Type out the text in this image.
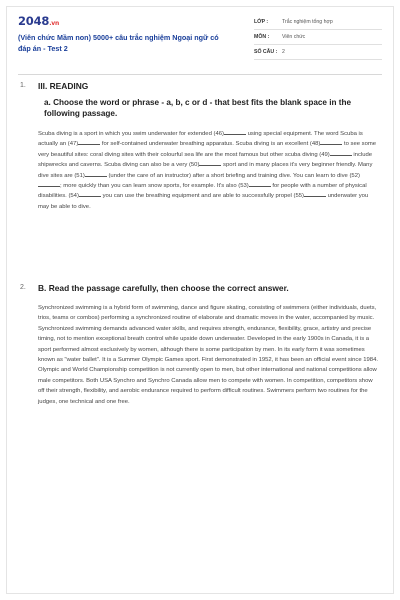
2048.vn
(Viên chức Mầm non) 5000+ câu trắc nghiệm Ngoại ngữ có đáp án - Test 2
LỚP :	Trắc nghiệm tổng hợp
MÔN :	Viên chức
SỐ CÂU : 2
1. III. READING
a. Choose the word or phrase - a, b, c or d - that best fits the blank space in the following passage.
Scuba diving is a sport in which you swim underwater for extended (46)	using special equipment. The word Scuba is actually an (47)	for self-contained underwater breathing apparatus. Scuba diving is an excellent (48)	to see some very beautiful sites: coral diving sites with their colourful sea life are the most famous but other scuba diving (49)	include shipwrecks and caverns. Scuba diving can also be a very (50)	sport and in many places it's very beginner friendly. Many dive sites are (51)	(under the care of an instructor) after a short briefing and training dive. You can learn to dive (52); more quickly than you can learn snow sports, for example. It's also (53)	for people with a number of physical disabilities. (54)	you can use the breathing equipment and are able to successfully propel (55)	underwater you may be able to dive.
2. B. Read the passage carefully, then choose the correct answer.
Synchronized swimming is a hybrid form of swimming, dance and figure skating, consisting of swimmers (either individuals, duets, trios, teams or combos) performing a synchronized routine of elaborate and dramatic moves in the water, accompanied by music. Synchronized swimming demands advanced water skills, and requires strength, endurance, flexibility, grace, artistry and precise timing, not to mention exceptional breath control while upside down underwater. Developed in the early 1900s in Canada, it is a sport performed almost exclusively by women, although there is some participation by men. In its early form it was sometimes known as "water ballet". It is a Summer Olympic Games sport. First demonstrated in 1952, it has been an official event since 1984. Olympic and World Championship competition is not currently open to men, but other international and national competitions allow male competitors. Both USA Synchro and Synchro Canada allow men to compete with women. In competition, competitors show off their strength, flexibility, and aerobic endurance required to perform difficult routines. Swimmers perform two routines for the judges, one technical and one free.
